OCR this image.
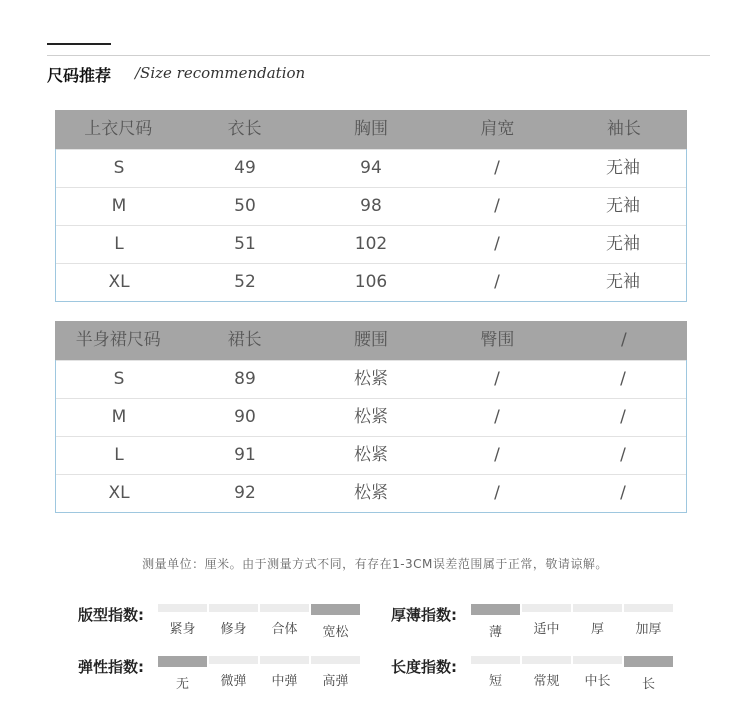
尺码推荐 /Size recommendation
上衣尺码	衣长	胸围	肩宽	袖长
S	49	94	/	无袖
M	50	98	/	无袖
L	51	102	/	无袖
XL	52	106	/	无袖
半身裙尺码	裙长	腰围	臀围	/
S	89	松紧	/	/
M	90	松紧	/	/
L	91	松紧	/	/
XL	92	松紧	/	/
测量单位：厘米。由于测量方式不同，有存在1-3CM误差范围属于正常，敬请谅解。
版型指数:
紧身	修身	合体	宽松
厚薄指数:
薄	适中	厚	加厚
弹性指数:
无	微弹	中弹	高弹
长度指数:
短	常规	中长	长
